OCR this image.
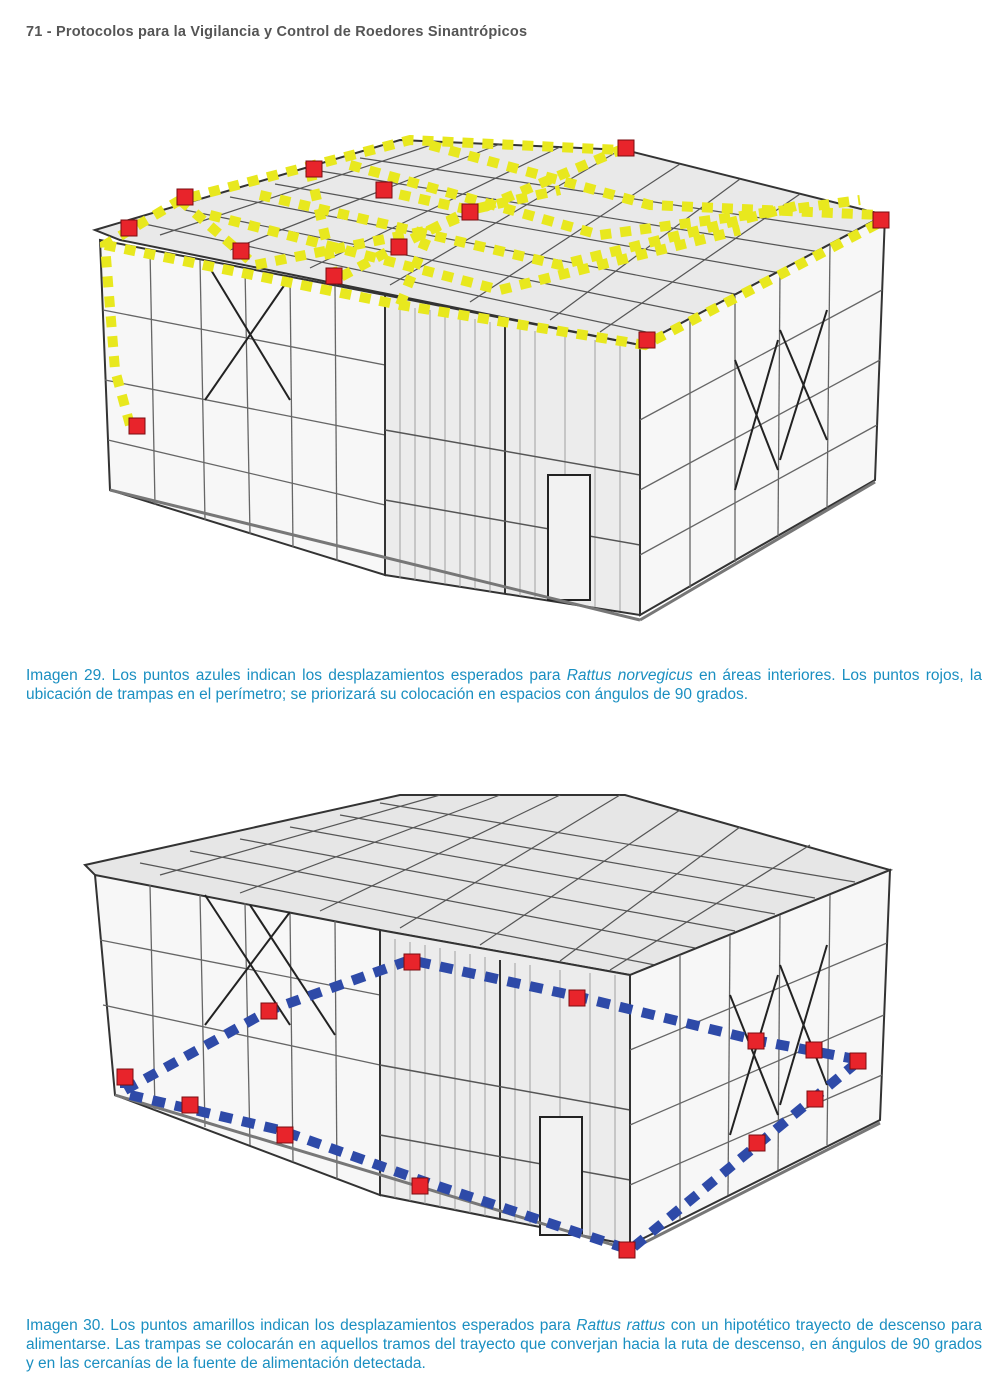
71 - Protocolos para la Vigilancia y Control de Roedores Sinantrópicos
Imagen 29. Los puntos azules indican los desplazamientos esperados para Rattus norvegicus en áreas interiores. Los puntos rojos, la ubicación de trampas en el perímetro; se priorizará su colocación en espacios con ángulos de 90 grados.
Imagen 30. Los puntos amarillos indican los desplazamientos esperados para Rattus rattus con un hipotético trayecto de descenso para alimentarse. Las trampas se colocarán en aquellos tramos del trayecto que converjan hacia la ruta de descenso, en ángulos de 90 grados y en las cercanías de la fuente de alimentación detectada.
